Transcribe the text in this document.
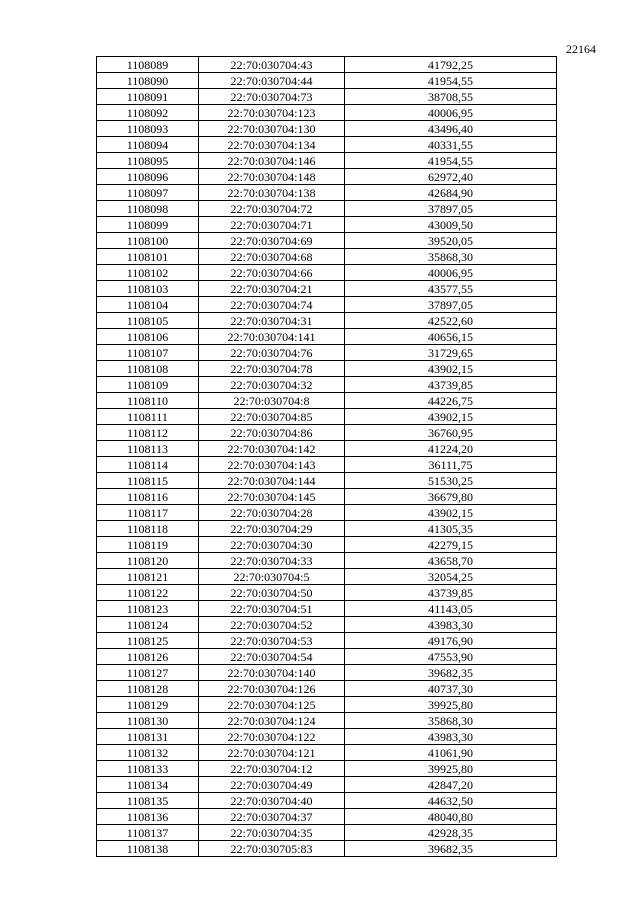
22164
1108089	22:70:030704:43	41792,25
1108090	22:70:030704:44	41954,55
1108091	22:70:030704:73	38708,55
1108092	22:70:030704:123	40006,95
1108093	22:70:030704:130	43496,40
1108094	22:70:030704:134	40331,55
1108095	22:70:030704:146	41954,55
1108096	22:70:030704:148	62972,40
1108097	22:70:030704:138	42684,90
1108098	22:70:030704:72	37897,05
1108099	22:70:030704:71	43009,50
1108100	22:70:030704:69	39520,05
1108101	22:70:030704:68	35868,30
1108102	22:70:030704:66	40006,95
1108103	22:70:030704:21	43577,55
1108104	22:70:030704:74	37897,05
1108105	22:70:030704:31	42522,60
1108106	22:70:030704:141	40656,15
1108107	22:70:030704:76	31729,65
1108108	22:70:030704:78	43902,15
1108109	22:70:030704:32	43739,85
1108110	22:70:030704:8	44226,75
1108111	22:70:030704:85	43902,15
1108112	22:70:030704:86	36760,95
1108113	22:70:030704:142	41224,20
1108114	22:70:030704:143	36111,75
1108115	22:70:030704:144	51530,25
1108116	22:70:030704:145	36679,80
1108117	22:70:030704:28	43902,15
1108118	22:70:030704:29	41305,35
1108119	22:70:030704:30	42279,15
1108120	22:70:030704:33	43658,70
1108121	22:70:030704:5	32054,25
1108122	22:70:030704:50	43739,85
1108123	22:70:030704:51	41143,05
1108124	22:70:030704:52	43983,30
1108125	22:70:030704:53	49176,90
1108126	22:70:030704:54	47553,90
1108127	22:70:030704:140	39682,35
1108128	22:70:030704:126	40737,30
1108129	22:70:030704:125	39925,80
1108130	22:70:030704:124	35868,30
1108131	22:70:030704:122	43983,30
1108132	22:70:030704:121	41061,90
1108133	22:70:030704:12	39925,80
1108134	22:70:030704:49	42847,20
1108135	22:70:030704:40	44632,50
1108136	22:70:030704:37	48040,80
1108137	22:70:030704:35	42928,35
1108138	22:70:030705:83	39682,35
